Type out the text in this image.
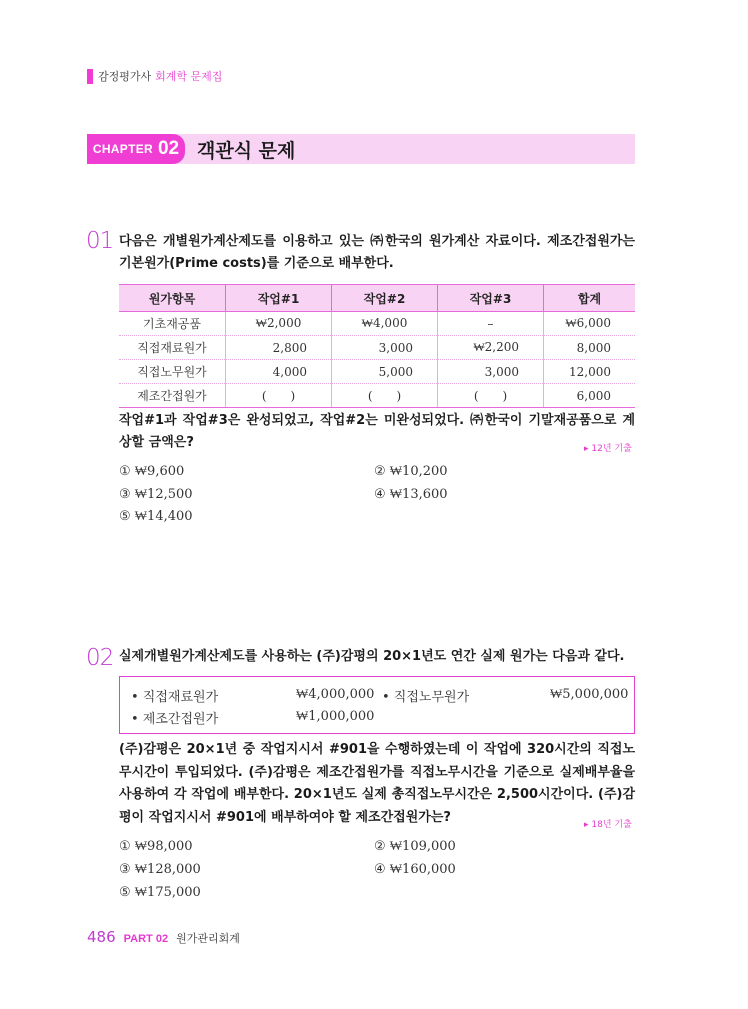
감정평가사 회계학 문제집
CHAPTER 02 객관식 문제
01 다음은 개별원가계산제도를 이용하고 있는 ㈜한국의 원가계산 자료이다. 제조간접원가는 기본원가(Prime costs)를 기준으로 배부한다.
원가항목	작업#1	작업#2	작업#3	합계
기초재공품	₩2,000	₩4,000	–	₩6,000
직접재료원가	2,800	3,000	₩2,200	8,000
직접노무원가	4,000	5,000	3,000	12,000
제조간접원가	(　　)	(　　)	(　　)	6,000
작업#1과 작업#3은 완성되었고, 작업#2는 미완성되었다. ㈜한국이 기말재공품으로 계상할 금액은?	▸ 12년 기출
① ₩9,600	② ₩10,200
③ ₩12,500	④ ₩13,600
⑤ ₩14,400
02 실제개별원가계산제도를 사용하는 (주)감평의 20×1년도 연간 실제 원가는 다음과 같다.
• 직접재료원가	₩4,000,000 • 직접노무원가	₩5,000,000
• 제조간접원가	₩1,000,000
(주)감평은 20×1년 중 작업지시서 #901을 수행하였는데 이 작업에 320시간의 직접노무시간이 투입되었다. (주)감평은 제조간접원가를 직접노무시간을 기준으로 실제배부율을 사용하여 각 작업에 배부한다. 20×1년도 실제 총직접노무시간은 2,500시간이다. (주)감평이 작업지시서 #901에 배부하여야 할 제조간접원가는?
▸ 18년 기출
① ₩98,000	② ₩109,000
③ ₩128,000	④ ₩160,000
⑤ ₩175,000
486 PART 02 원가관리회계
